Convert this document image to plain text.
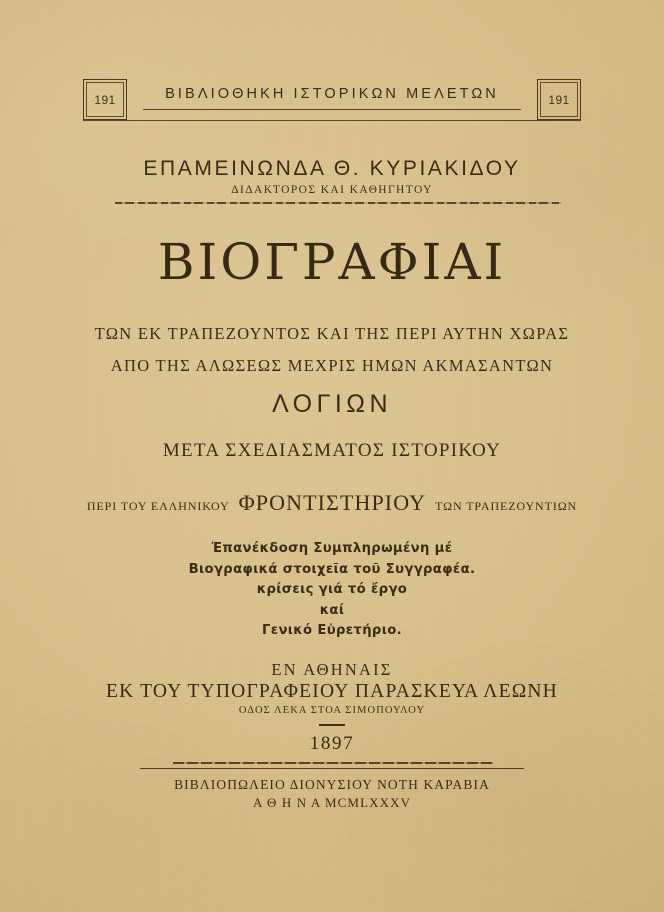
191	ΒΙΒΛΙΟΘΗΚΗ ΙΣΤΟΡΙΚΩΝ ΜΕΛΕΤΩΝ	191
ΕΠΑΜΕΙΝΩΝΔΑ Θ. ΚΥΡΙΑΚΙΔΟΥ
ΔΙΔΑΚΤΟΡΟΣ ΚΑΙ ΚΑΘΗΓΗΤΟΥ
ΒΙΟΓΡΑΦΙΑΙ
ΤΩΝ ΕΚ ΤΡΑΠΕΖΟΥΝΤΟΣ ΚΑΙ ΤΗΣ ΠΕΡΙ ΑΥΤΗΝ ΧΩΡΑΣ
ΑΠΟ ΤΗΣ ΑΛΩΣΕΩΣ ΜΕΧΡΙΣ ΗΜΩΝ ΑΚΜΑΣΑΝΤΩΝ
ΛΟΓΙΩΝ
ΜΕΤΑ ΣΧΕΔΙΑΣΜΑΤΟΣ ΙΣΤΟΡΙΚΟΥ
ΠΕΡΙ ΤΟΥ ΕΛΛΗΝΙΚΟΥ ΦΡΟΝΤΙΣΤΗΡΙΟΥ ΤΩΝ ΤΡΑΠΕΖΟΥΝΤΙΩΝ
Ἐπανέκδοση Συμπληρωμένη μέ
Βιογραφικά στοιχεῖα τοῦ Συγγραφέα.
κρίσεις γιά τό ἔργο
καί
Γενικό Εὑρετήριο.
ΕΝ ΑΘΗΝΑΙΣ
ΕΚ ΤΟΥ ΤΥΠΟΓΡΑΦΕΙΟΥ ΠΑΡΑΣΚΕΥΑ ΛΕΩΝΗ
ΟΔΟΣ ΛΕΚΑ ΣΤΟΑ ΣΙΜΟΠΟΥΛΟΥ
1897
ΒΙΒΛΙΟΠΩΛΕΙΟ ΔΙΟΝΥΣΙΟΥ ΝΟΤΗ ΚΑΡΑΒΙΑ
Α Θ Η Ν Α MCMLXXXV
